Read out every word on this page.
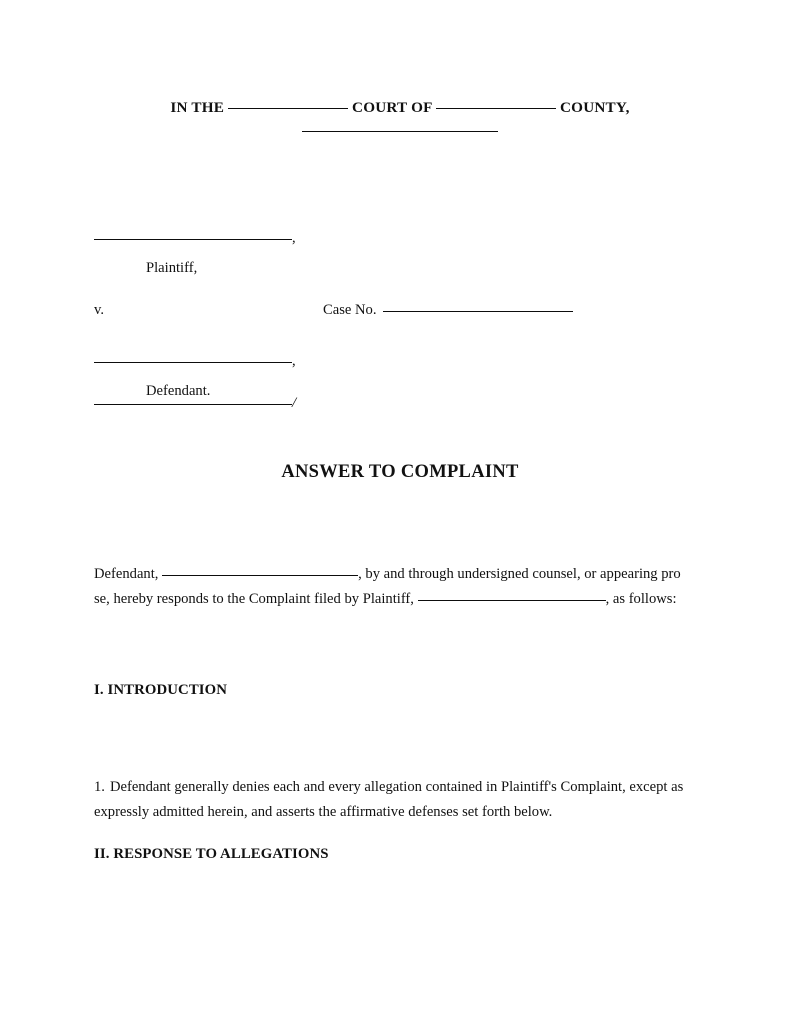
IN THE	COURT OF	COUNTY,
,
Plaintiff,
v.	Case No.
,
Defendant.
/
ANSWER TO COMPLAINT
Defendant,	, by and through undersigned counsel, or appearing pro se, hereby responds to the Complaint filed by Plaintiff,	, as follows:
I. INTRODUCTION
1. Defendant generally denies each and every allegation contained in Plaintiff's Complaint, except as expressly admitted herein, and asserts the affirmative defenses set forth below.
II. RESPONSE TO ALLEGATIONS
